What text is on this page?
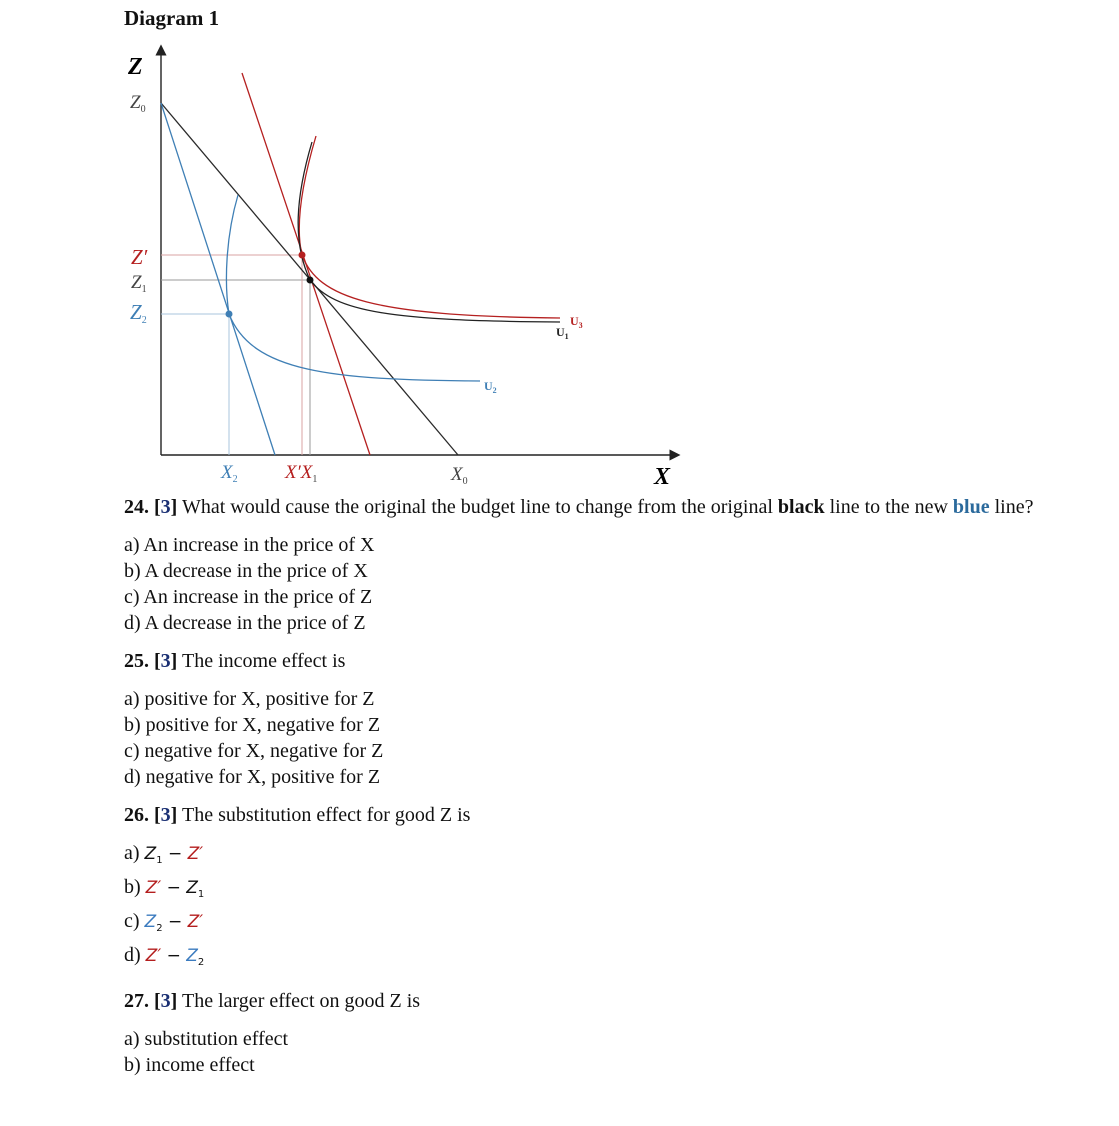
Diagram 1
Z
X
$Z_0$
Z′
$Z_1$
Z2
$X_2$ $X'X_1$	$X_0$
$U_3$
$U_1$
$U_2$
24. [3] What would cause the original the budget line to change from the original black line to the new blue line?
a) An increase in the price of X
b) A decrease in the price of X
c) An increase in the price of Z
d) A decrease in the price of Z
25. [3] The income effect is
a) positive for X, positive for Z
b) positive for X, negative for Z
c) negative for X, negative for Z
d) negative for X, positive for Z
26. [3] The substitution effect for good Z is
a) $Z_1 - Z'$
b) $Z' - Z_1$
c) $Z_2 - Z'$
d) $Z' - Z_2$
27. [3] The larger effect on good Z is
a) substitution effect
b) income effect
